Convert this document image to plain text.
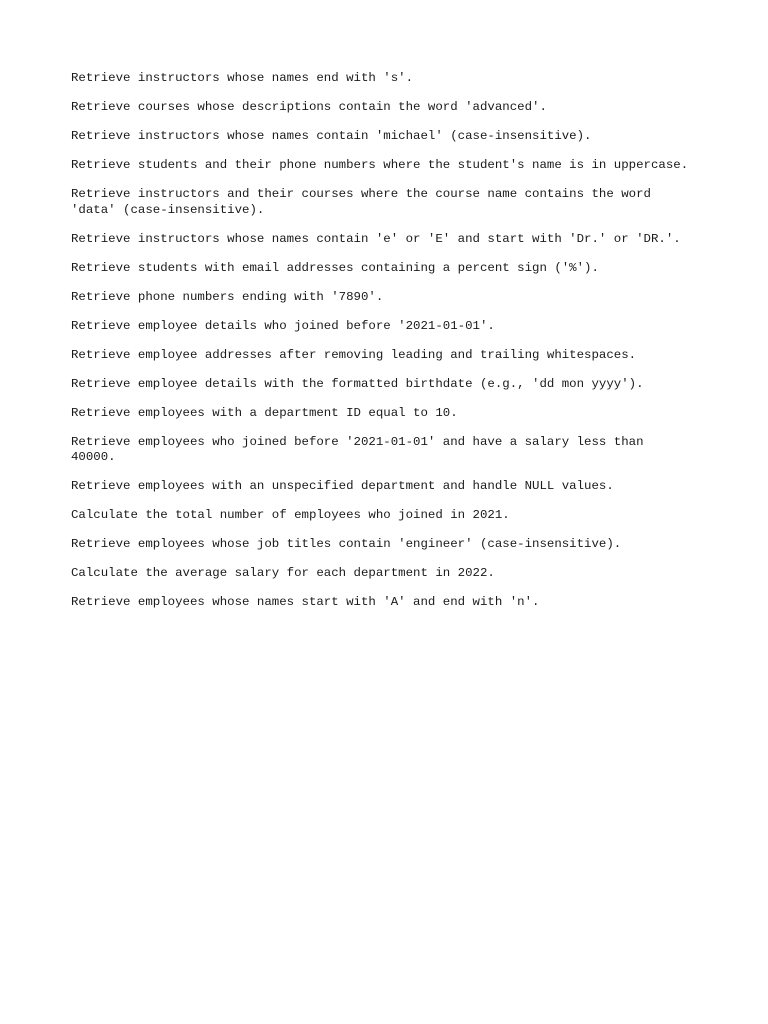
Retrieve instructors whose names end with 's'.
Retrieve courses whose descriptions contain the word 'advanced'.
Retrieve instructors whose names contain 'michael' (case-insensitive).
Retrieve students and their phone numbers where the student's name is in uppercase.
Retrieve instructors and their courses where the course name contains the word
'data' (case-insensitive).
Retrieve instructors whose names contain 'e' or 'E' and start with 'Dr.' or 'DR.'.
Retrieve students with email addresses containing a percent sign ('%').
Retrieve phone numbers ending with '7890'.
Retrieve employee details who joined before '2021-01-01'.
Retrieve employee addresses after removing leading and trailing whitespaces.
Retrieve employee details with the formatted birthdate (e.g., 'dd mon yyyy').
Retrieve employees with a department ID equal to 10.
Retrieve employees who joined before '2021-01-01' and have a salary less than
40000.
Retrieve employees with an unspecified department and handle NULL values.
Calculate the total number of employees who joined in 2021.
Retrieve employees whose job titles contain 'engineer' (case-insensitive).
Calculate the average salary for each department in 2022.
Retrieve employees whose names start with 'A' and end with 'n'.
